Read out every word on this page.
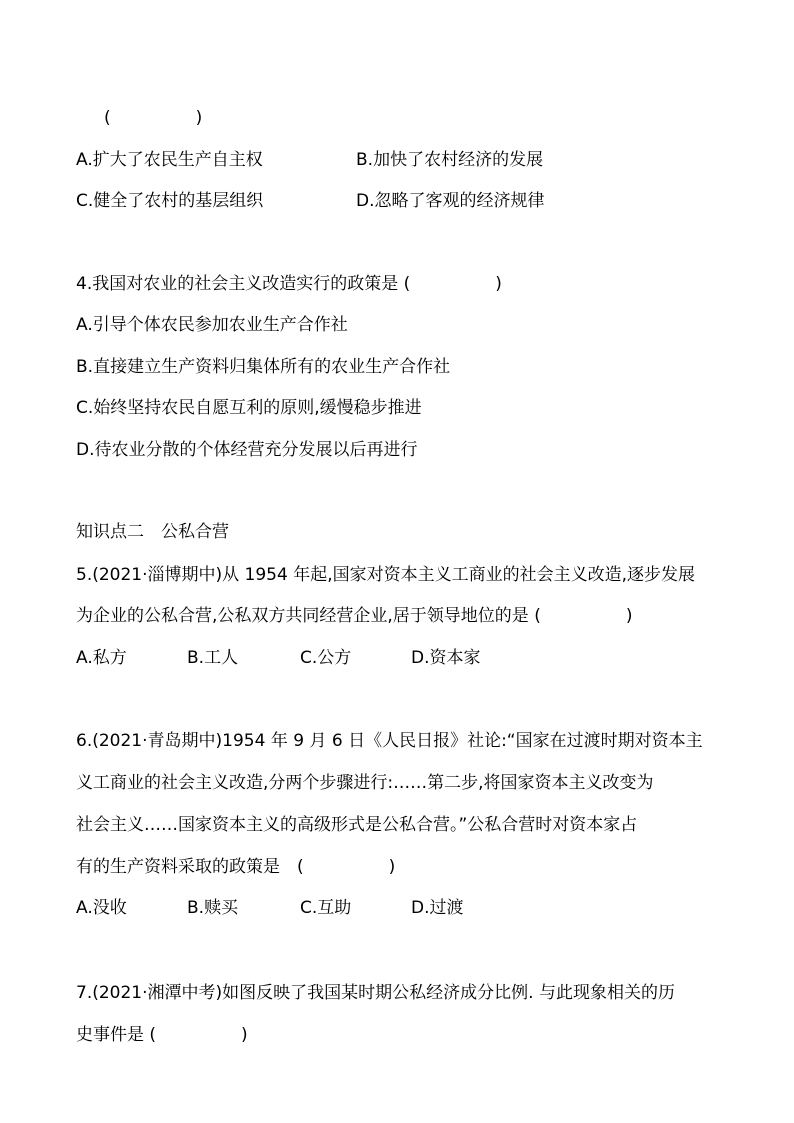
(　　　　　)
A.扩大了农民生产自主权	B.加快了农村经济的发展
C.健全了农村的基层组织	D.忽略了客观的经济规律
4.我国对农业的社会主义改造实行的政策是 (　　　　　)
A.引导个体农民参加农业生产合作社
B.直接建立生产资料归集体所有的农业生产合作社
C.始终坚持农民自愿互利的原则,缓慢稳步推进
D.待农业分散的个体经营充分发展以后再进行
知识点二　公私合营
5.(2021·淄博期中)从 1954 年起,国家对资本主义工商业的社会主义改造,逐步发展
为企业的公私合营,公私双方共同经营企业,居于领导地位的是 (　　　　　)
A.私方	B.工人	C.公方	D.资本家
6.(2021·青岛期中)1954 年 9 月 6 日《人民日报》社论:“国家在过渡时期对资本主
义工商业的社会主义改造,分两个步骤进行:……第二步,将国家资本主义改变为
社会主义……国家资本主义的高级形式是公私合营。”公私合营时对资本家占
有的生产资料采取的政策是　(　　　　　)
A.没收	B.赎买	C.互助	D.过渡
7.(2021·湘潭中考)如图反映了我国某时期公私经济成分比例. 与此现象相关的历
史事件是 (　　　　　)
